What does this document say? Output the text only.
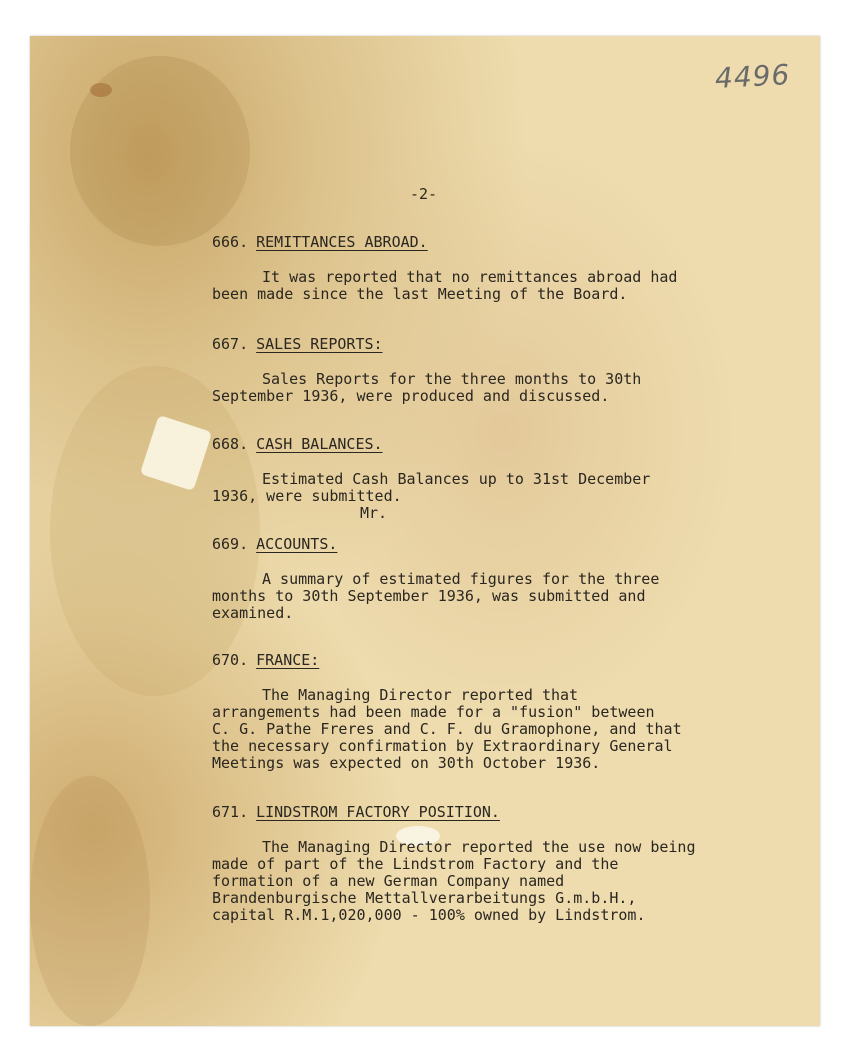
4496
-2-
666. REMITTANCES ABROAD.

It was reported that no remittances abroad had

been made since the last Meeting of the Board.

667. SALES REPORTS:

Sales Reports for the three months to 30th

September 1936, were produced and discussed.

668. CASH BALANCES.

Estimated Cash Balances up to 31st December

1936, were submitted.

Mr.

669. ACCOUNTS.

A summary of estimated figures for the three

months to 30th September 1936, was submitted and

examined.

670. FRANCE:

The Managing Director reported that

arrangements had been made for a "fusion" between

C. G. Pathe Freres and C. F. du Gramophone, and that

the necessary confirmation by Extraordinary General

Meetings was expected on 30th October 1936.

671. LINDSTROM FACTORY POSITION.

The Managing Director reported the use now being

made of part of the Lindstrom Factory and the

formation of a new German Company named

Brandenburgische Mettallverarbeitungs G.m.b.H.,

capital R.M.1,020,000 - 100% owned by Lindstrom.
